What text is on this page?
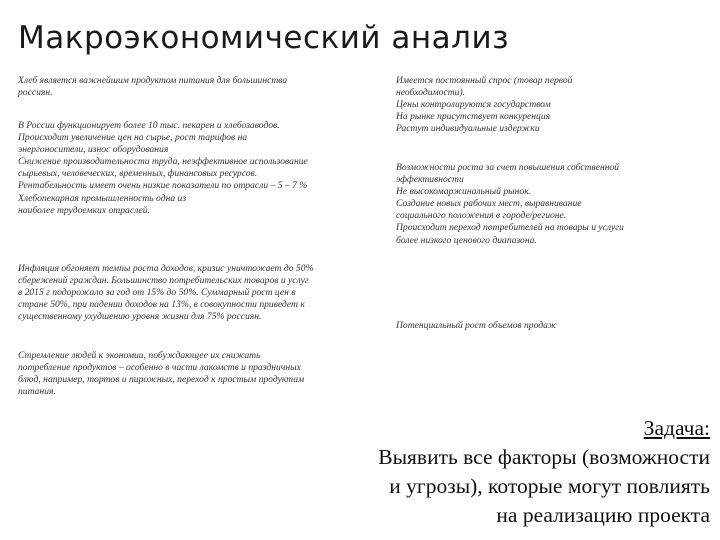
Макроэкономический анализ
Хлеб является важнейшим продуктом питания для большинства
россиян.
В России функционирует более 10 тыс. пекарен и хлебозаводов.
Происходит увеличение цен на сырье, рост тарифов на
энергоносители, износ оборудования
Снижение производительности труда, неэффективное использование
сырьевых, человеческих, временных, финансовых ресурсов.
Рентабельность имеет очень низкие показатели по отрасли – 5 – 7 %
Хлебопекарная промышленность одна из
наиболее трудоемких отраслей.
Инфляция обгоняет темпы роста доходов, кризис уничтожает до 50%
сбережений граждан. Большинство потребительских товаров и услуг
в 2015 г подорожало за год от 15% до 50%. Суммарный рост цен в
стране 50%, при падении доходов на 13%, в совокупности приведет к
существенному ухудшению уровня жизни для 75% россиян.
Стремление людей к экономии, побуждающее их снижать
потребление продуктов – особенно в части лакомств и праздничных
блюд, например, тортов и пирожных, переход к простым продуктам
питания.
Имеется постоянный спрос (товар первой
необходимости).
Цены контролируются государством
На рынке присутствует конкуренция
Растут индивидуальные издержки
Возможности роста за счет повышения собственной
эффективности
Не высокомаржинальный рынок.
Создание новых рабочих мест, выравнивание
социального положения в городе/регионе.
Происходит переход потребителей на товары и услуги
более низкого ценового диапазона.
Потенциальный рост объемов продаж
Задача:
Выявить все факторы (возможности
и угрозы), которые могут повлиять
на реализацию проекта
